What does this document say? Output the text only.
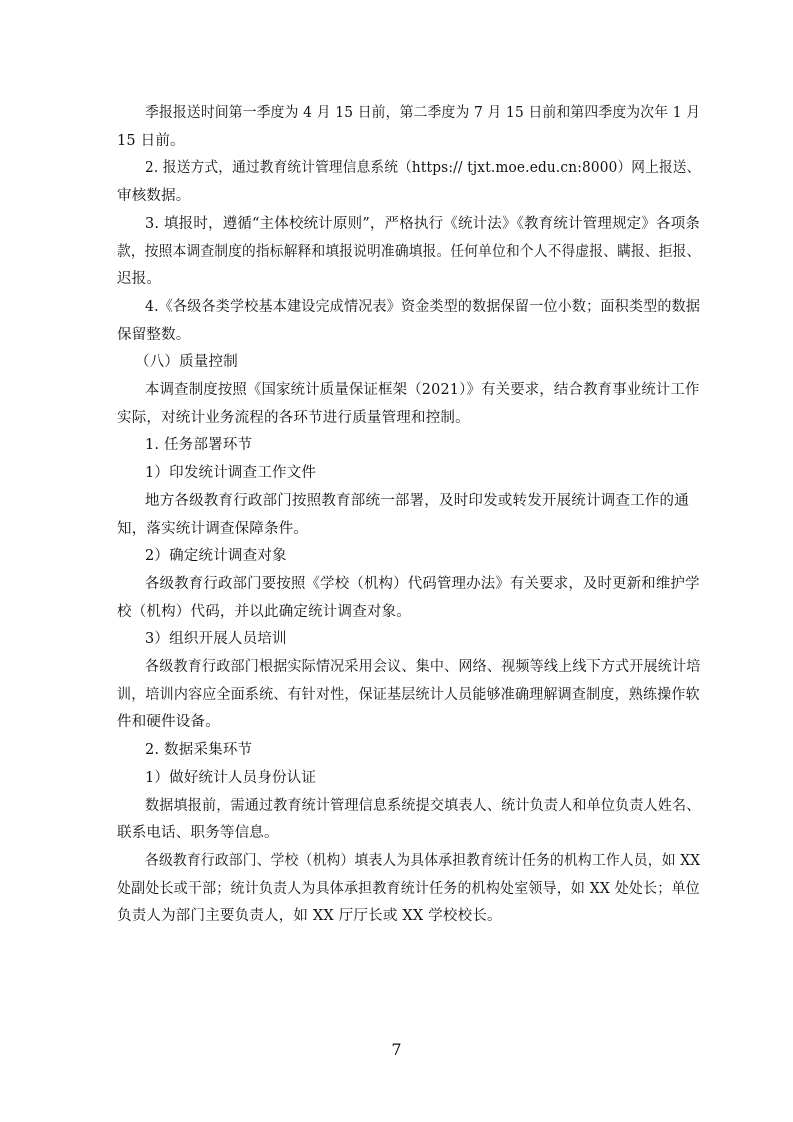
季报报送时间第一季度为 4 月 15 日前，第二季度为 7 月 15 日前和第四季度为次年 1 月
15 日前。
2. 报送方式，通过教育统计管理信息系统（https:// tjxt.moe.edu.cn:8000）网上报送、
审核数据。
3. 填报时，遵循“主体校统计原则”，严格执行《统计法》《教育统计管理规定》各项条
款，按照本调查制度的指标解释和填报说明准确填报。任何单位和个人不得虚报、瞒报、拒报、
迟报。
4.《各级各类学校基本建设完成情况表》资金类型的数据保留一位小数；面积类型的数据
保留整数。
（八）质量控制
本调查制度按照《国家统计质量保证框架（2021）》有关要求，结合教育事业统计工作
实际，对统计业务流程的各环节进行质量管理和控制。
1. 任务部署环节
1）印发统计调查工作文件
地方各级教育行政部门按照教育部统一部署，及时印发或转发开展统计调查工作的通
知，落实统计调查保障条件。
2）确定统计调查对象
各级教育行政部门要按照《学校（机构）代码管理办法》有关要求，及时更新和维护学
校（机构）代码，并以此确定统计调查对象。
3）组织开展人员培训
各级教育行政部门根据实际情况采用会议、集中、网络、视频等线上线下方式开展统计培
训，培训内容应全面系统、有针对性，保证基层统计人员能够准确理解调查制度，熟练操作软
件和硬件设备。
2. 数据采集环节
1）做好统计人员身份认证
数据填报前，需通过教育统计管理信息系统提交填表人、统计负责人和单位负责人姓名、
联系电话、职务等信息。
各级教育行政部门、学校（机构）填表人为具体承担教育统计任务的机构工作人员，如 XX
处副处长或干部；统计负责人为具体承担教育统计任务的机构处室领导，如 XX 处处长；单位
负责人为部门主要负责人，如 XX 厅厅长或 XX 学校校长。
7
